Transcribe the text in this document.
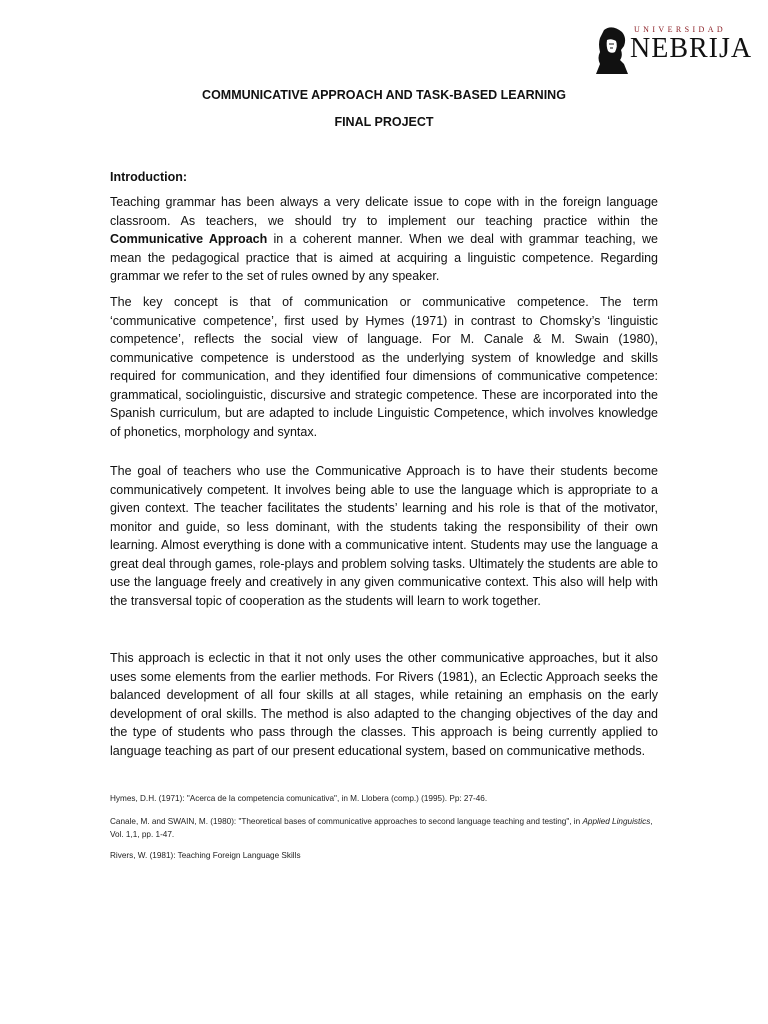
UNIVERSIDAD
NEBRIJA
COMMUNICATIVE APPROACH AND TASK-BASED LEARNING
FINAL PROJECT
Introduction:
Teaching grammar has been always a very delicate issue to cope with in the foreign language classroom. As teachers, we should try to implement our teaching practice within the Communicative Approach in a coherent manner. When we deal with grammar teaching, we mean the pedagogical practice that is aimed at acquiring a linguistic competence. Regarding grammar we refer to the set of rules owned by any speaker.
The key concept is that of communication or communicative competence. The term ‘communicative competence’, first used by Hymes (1971) in contrast to Chomsky’s ‘linguistic competence’, reflects the social view of language. For M. Canale & M. Swain (1980), communicative competence is understood as the underlying system of knowledge and skills required for communication, and they identified four dimensions of communicative competence: grammatical, sociolinguistic, discursive and strategic competence. These are incorporated into the Spanish curriculum, but are adapted to include Linguistic Competence, which involves knowledge of phonetics, morphology and syntax.
The goal of teachers who use the Communicative Approach is to have their students become communicatively competent. It involves being able to use the language which is appropriate to a given context. The teacher facilitates the students’ learning and his role is that of the motivator, monitor and guide, so less dominant, with the students taking the responsibility of their own learning. Almost everything is done with a communicative intent. Students may use the language a great deal through games, role-plays and problem solving tasks. Ultimately the students are able to use the language freely and creatively in any given communicative context. This also will help with the transversal topic of cooperation as the students will learn to work together.
This approach is eclectic in that it not only uses the other communicative approaches, but it also uses some elements from the earlier methods. For Rivers (1981), an Eclectic Approach seeks the balanced development of all four skills at all stages, while retaining an emphasis on the early development of oral skills. The method is also adapted to the changing objectives of the day and the type of students who pass through the classes. This approach is being currently applied to language teaching as part of our present educational system, based on communicative methods.
Hymes, D.H. (1971): "Acerca de la competencia comunicativa", in M. Llobera (comp.) (1995). Pp: 27-46.
Canale, M. and SWAIN, M. (1980): "Theoretical bases of communicative approaches to second language teaching and testing", in Applied Linguistics, Vol. 1,1, pp. 1-47.
Rivers, W. (1981): Teaching Foreign Language Skills
